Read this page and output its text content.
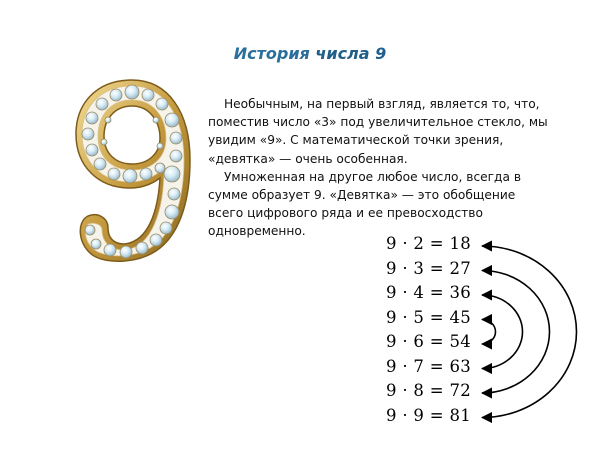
История числа 9

Необычным, на первый взгляд, является то, что, поместив число «3» под увеличительное стекло, мы увидим «9». С математической точки зрения, «девятка» — очень особенная.

Умноженная на другое любое число, всегда в сумме образует 9. «Девятка» — это обобщение всего цифрового ряда и ее превосходство одновременно.

9 · 2 = 18
9 · 3 = 27
9 · 4 = 36
9 · 5 = 45
9 · 6 = 54
9 · 7 = 63
9 · 8 = 72
9 · 9 = 81
